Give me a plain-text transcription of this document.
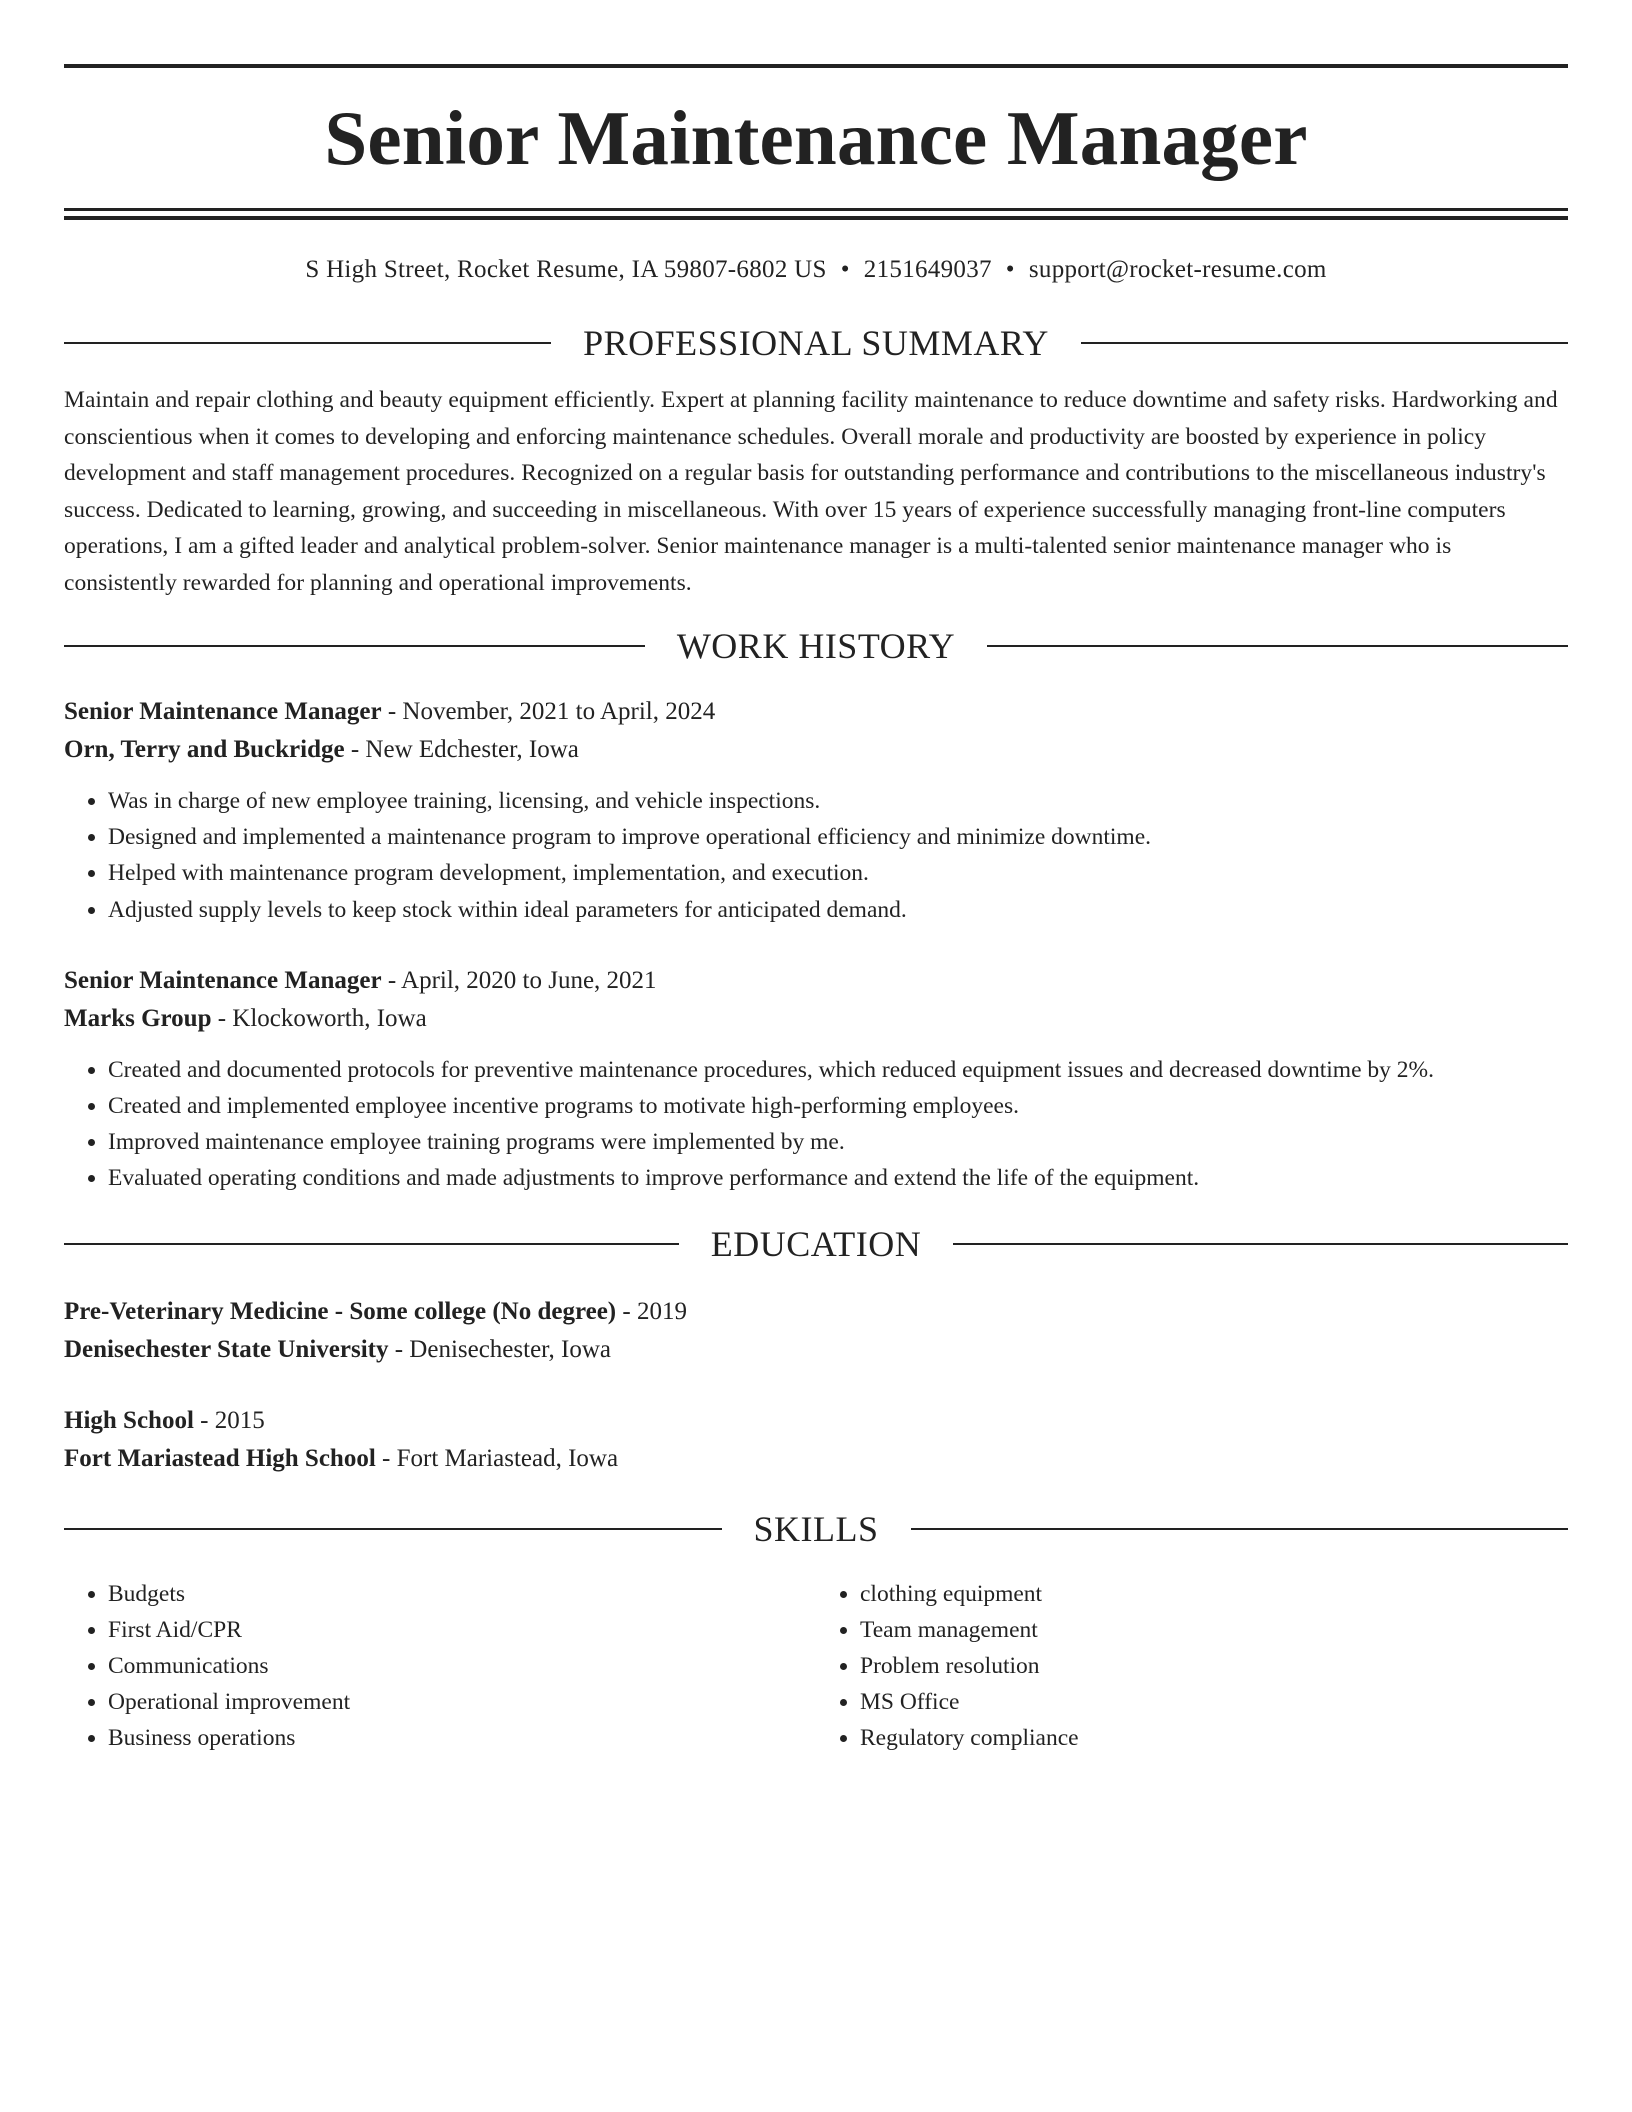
Senior Maintenance Manager
S High Street, Rocket Resume, IA 59807-6802 US • 2151649037 • support@rocket-resume.com
PROFESSIONAL SUMMARY
Maintain and repair clothing and beauty equipment efficiently. Expert at planning facility maintenance to reduce downtime and safety risks. Hardworking and conscientious when it comes to developing and enforcing maintenance schedules. Overall morale and productivity are boosted by experience in policy development and staff management procedures. Recognized on a regular basis for outstanding performance and contributions to the miscellaneous industry's success. Dedicated to learning, growing, and succeeding in miscellaneous. With over 15 years of experience successfully managing front-line computers operations, I am a gifted leader and analytical problem-solver. Senior maintenance manager is a multi-talented senior maintenance manager who is consistently rewarded for planning and operational improvements.
WORK HISTORY
Senior Maintenance Manager - November, 2021 to April, 2024
Orn, Terry and Buckridge - New Edchester, Iowa
• Was in charge of new employee training, licensing, and vehicle inspections.
• Designed and implemented a maintenance program to improve operational efficiency and minimize downtime.
• Helped with maintenance program development, implementation, and execution.
• Adjusted supply levels to keep stock within ideal parameters for anticipated demand.
Senior Maintenance Manager - April, 2020 to June, 2021
Marks Group - Klockoworth, Iowa
• Created and documented protocols for preventive maintenance procedures, which reduced equipment issues and decreased downtime by 2%.
• Created and implemented employee incentive programs to motivate high-performing employees.
• Improved maintenance employee training programs were implemented by me.
• Evaluated operating conditions and made adjustments to improve performance and extend the life of the equipment.
EDUCATION
Pre-Veterinary Medicine - Some college (No degree) - 2019
Denisechester State University - Denisechester, Iowa
High School - 2015
Fort Mariastead High School - Fort Mariastead, Iowa
SKILLS
• Budgets
• First Aid/CPR
• Communications
• Operational improvement
• Business operations
• clothing equipment
• Team management
• Problem resolution
• MS Office
• Regulatory compliance
